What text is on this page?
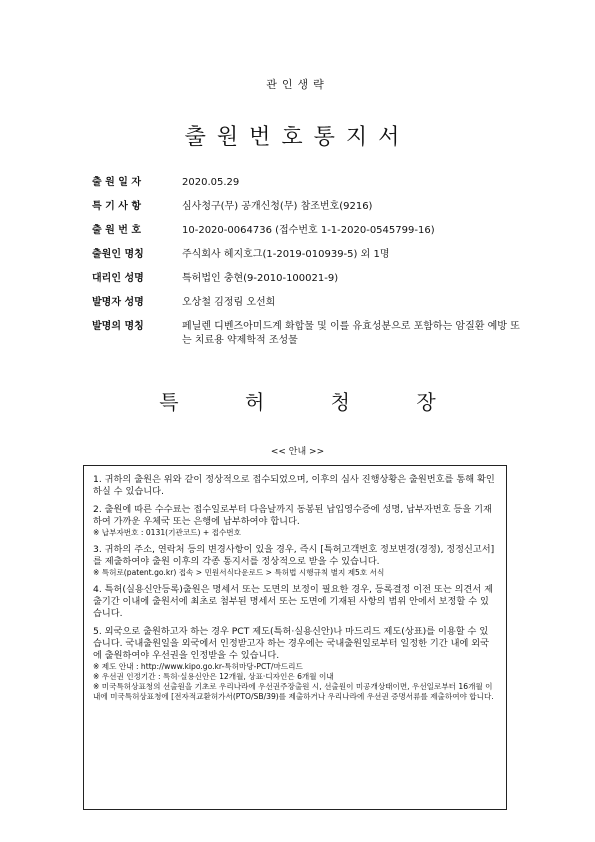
관인생략
출원번호통지서
출 원 일 자	2020.05.29
특 기 사 항	심사청구(무) 공개신청(무) 참조번호(9216)
출 원 번 호	10-2020-0064736 (접수번호 1-1-2020-0545799-16)
출원인 명칭	주식회사 헤지호그(1-2019-010939-5) 외 1명
대리인 성명	특허법인 충현(9-2010-100021-9)
발명자 성명	오상철 김정림 오선희
발명의 명칭	페닐렌 디벤즈아미드계 화합물 및 이를 유효성분으로 포함하는 암질환 예방 또는 치료용 약제학적 조성물
특	허	청	장
<< 안내 >>

1. 귀하의 출원은 위와 같이 정상적으로 접수되었으며, 이후의 심사 진행상황은 출원번호를 통해 확인하실 수 있습니다.

2. 출원에 따른 수수료는 접수일로부터 다음날까지 동봉된 납입영수증에 성명, 납부자번호 등을 기재하여 가까운 우체국 또는 은행에 납부하여야 합니다.

※ 납부자번호 : 0131(기관코드) + 접수번호

3. 귀하의 주소, 연락처 등의 변경사항이 있을 경우, 즉시 [특허고객번호 정보변경(경정), 정정신고서]를 제출하여야 출원 이후의 각종 통지서를 정상적으로 받을 수 있습니다.

※ 특허로(patent.go.kr) 접속 > 민원서식다운로드 > 특허법 시행규칙 별지 제5호 서식

4. 특허(실용신안등록)출원은 명세서 또는 도면의 보정이 필요한 경우, 등록결정 이전 또는 의견서 제출기간 이내에 출원서에 최초로 첨부된 명세서 또는 도면에 기재된 사항의 범위 안에서 보정할 수 있습니다.

5. 외국으로 출원하고자 하는 경우 PCT 제도(특허·실용신안)나 마드리드 제도(상표)를 이용할 수 있습니다. 국내출원일을 외국에서 인정받고자 하는 경우에는 국내출원일로부터 일정한 기간 내에 외국에 출원하여야 우선권을 인정받을 수 있습니다.

※ 제도 안내 : http://www.kipo.go.kr-특허마당-PCT/마드리드

※ 우선권 인정기간 : 특허·실용신안은 12개월, 상표·디자인은 6개월 이내

※ 미국특허상표청의 선출원을 기초로 우리나라에 우선권주장출원 시, 선출원이 미공개상태이면, 우선일로부터 16개월 이내에 미국특허상표청에 [전자적교환허가서(PTO/SB/39)를 제출하거나 우리나라에 우선권 증명서류를 제출하여야 합니다.
